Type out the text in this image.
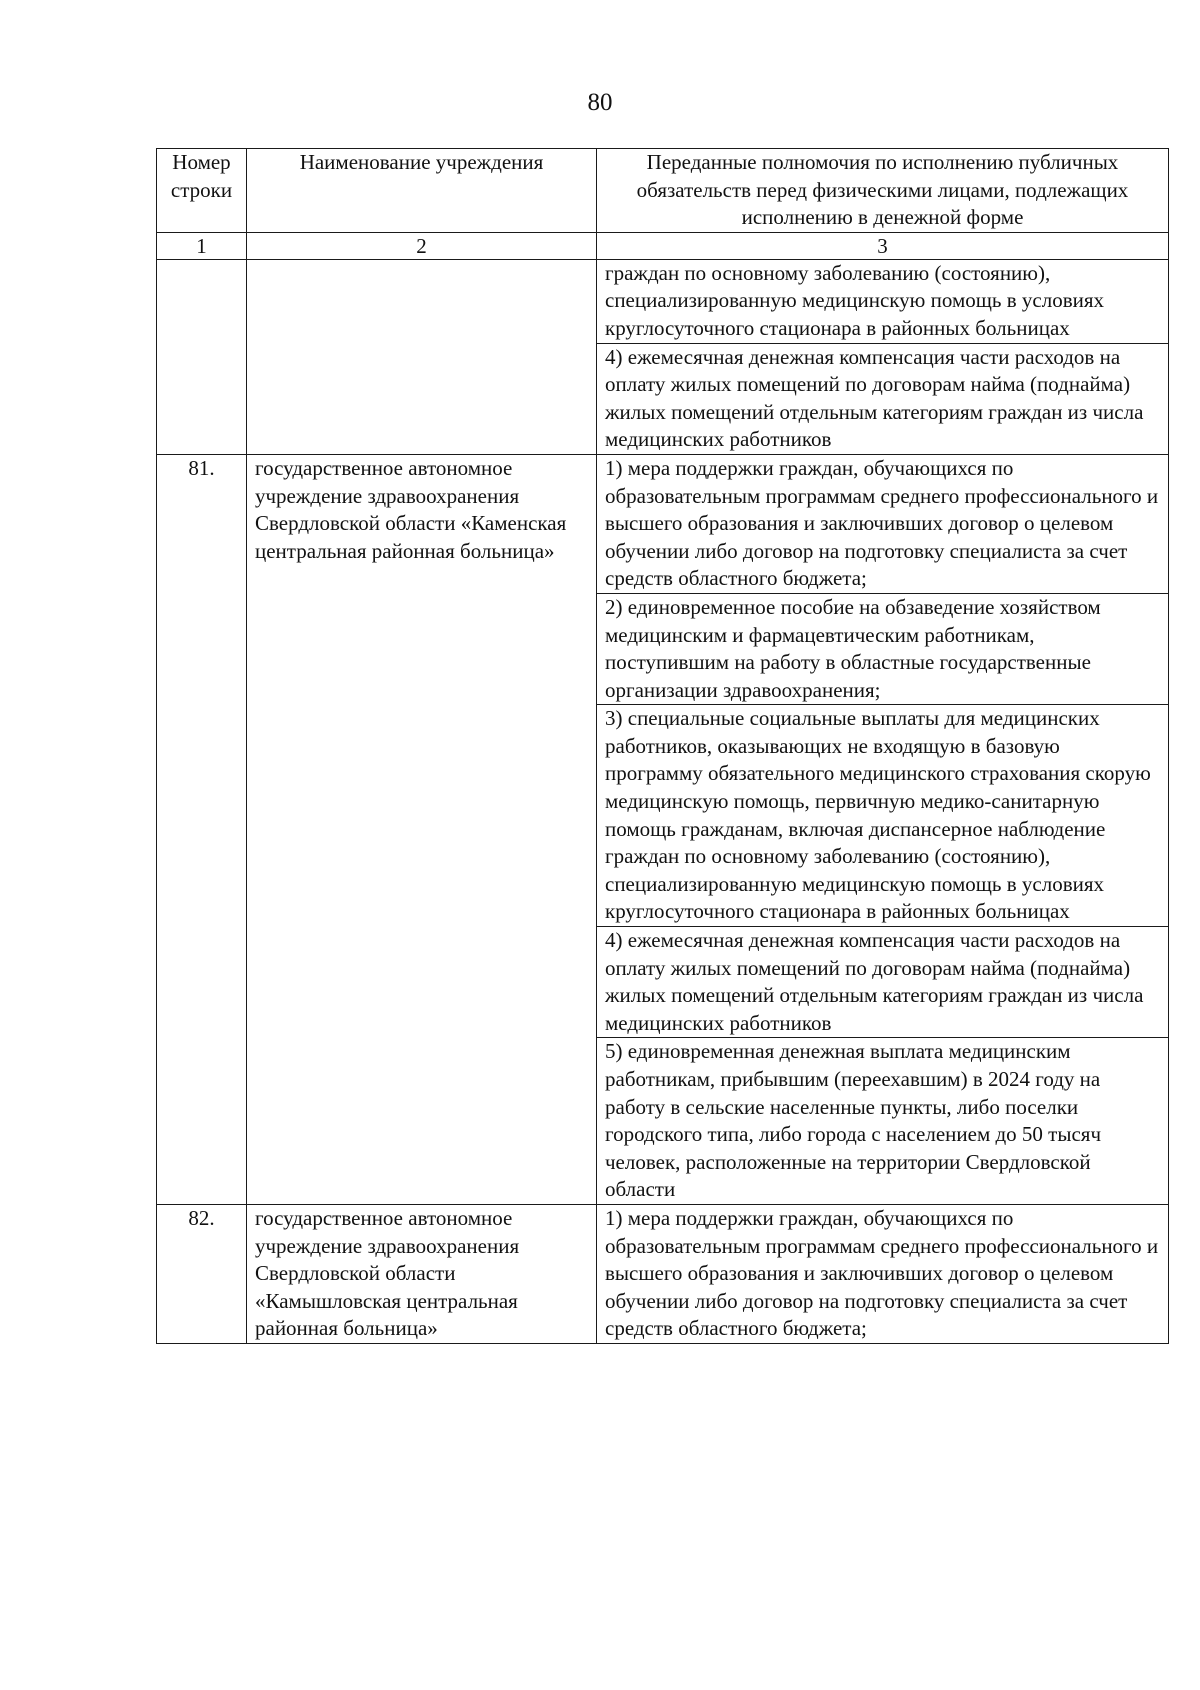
80
Номер строки	Наименование учреждения	Переданные полномочия по исполнению публичных обязательств перед физическими лицами, подлежащих исполнению в денежной форме
1	2	3
		граждан по основному заболеванию (состоянию), специализированную медицинскую помощь в условиях круглосуточного стационара в районных больницах
		4) ежемесячная денежная компенсация части расходов на оплату жилых помещений по договорам найма (поднайма) жилых помещений отдельным категориям граждан из числа медицинских работников
81.	государственное автономное учреждение здравоохранения Свердловской области «Каменская центральная районная больница»	1) мера поддержки граждан, обучающихся по образовательным программам среднего профессионального и высшего образования и заключивших договор о целевом обучении либо договор на подготовку специалиста за счет средств областного бюджета;
		2) единовременное пособие на обзаведение хозяйством медицинским и фармацевтическим работникам, поступившим на работу в областные государственные организации здравоохранения;
		3) специальные социальные выплаты для медицинских работников, оказывающих не входящую в базовую программу обязательного медицинского страхования скорую медицинскую помощь, первичную медико-санитарную помощь гражданам, включая диспансерное наблюдение граждан по основному заболеванию (состоянию), специализированную медицинскую помощь в условиях круглосуточного стационара в районных больницах
		4) ежемесячная денежная компенсация части расходов на оплату жилых помещений по договорам найма (поднайма) жилых помещений отдельным категориям граждан из числа медицинских работников
		5) единовременная денежная выплата медицинским работникам, прибывшим (переехавшим) в 2024 году на работу в сельские населенные пункты, либо поселки городского типа, либо города с населением до 50 тысяч человек, расположенные на территории Свердловской области
82.	государственное автономное учреждение здравоохранения Свердловской области «Камышловская центральная районная больница»	1) мера поддержки граждан, обучающихся по образовательным программам среднего профессионального и высшего образования и заключивших договор о целевом обучении либо договор на подготовку специалиста за счет средств областного бюджета;
